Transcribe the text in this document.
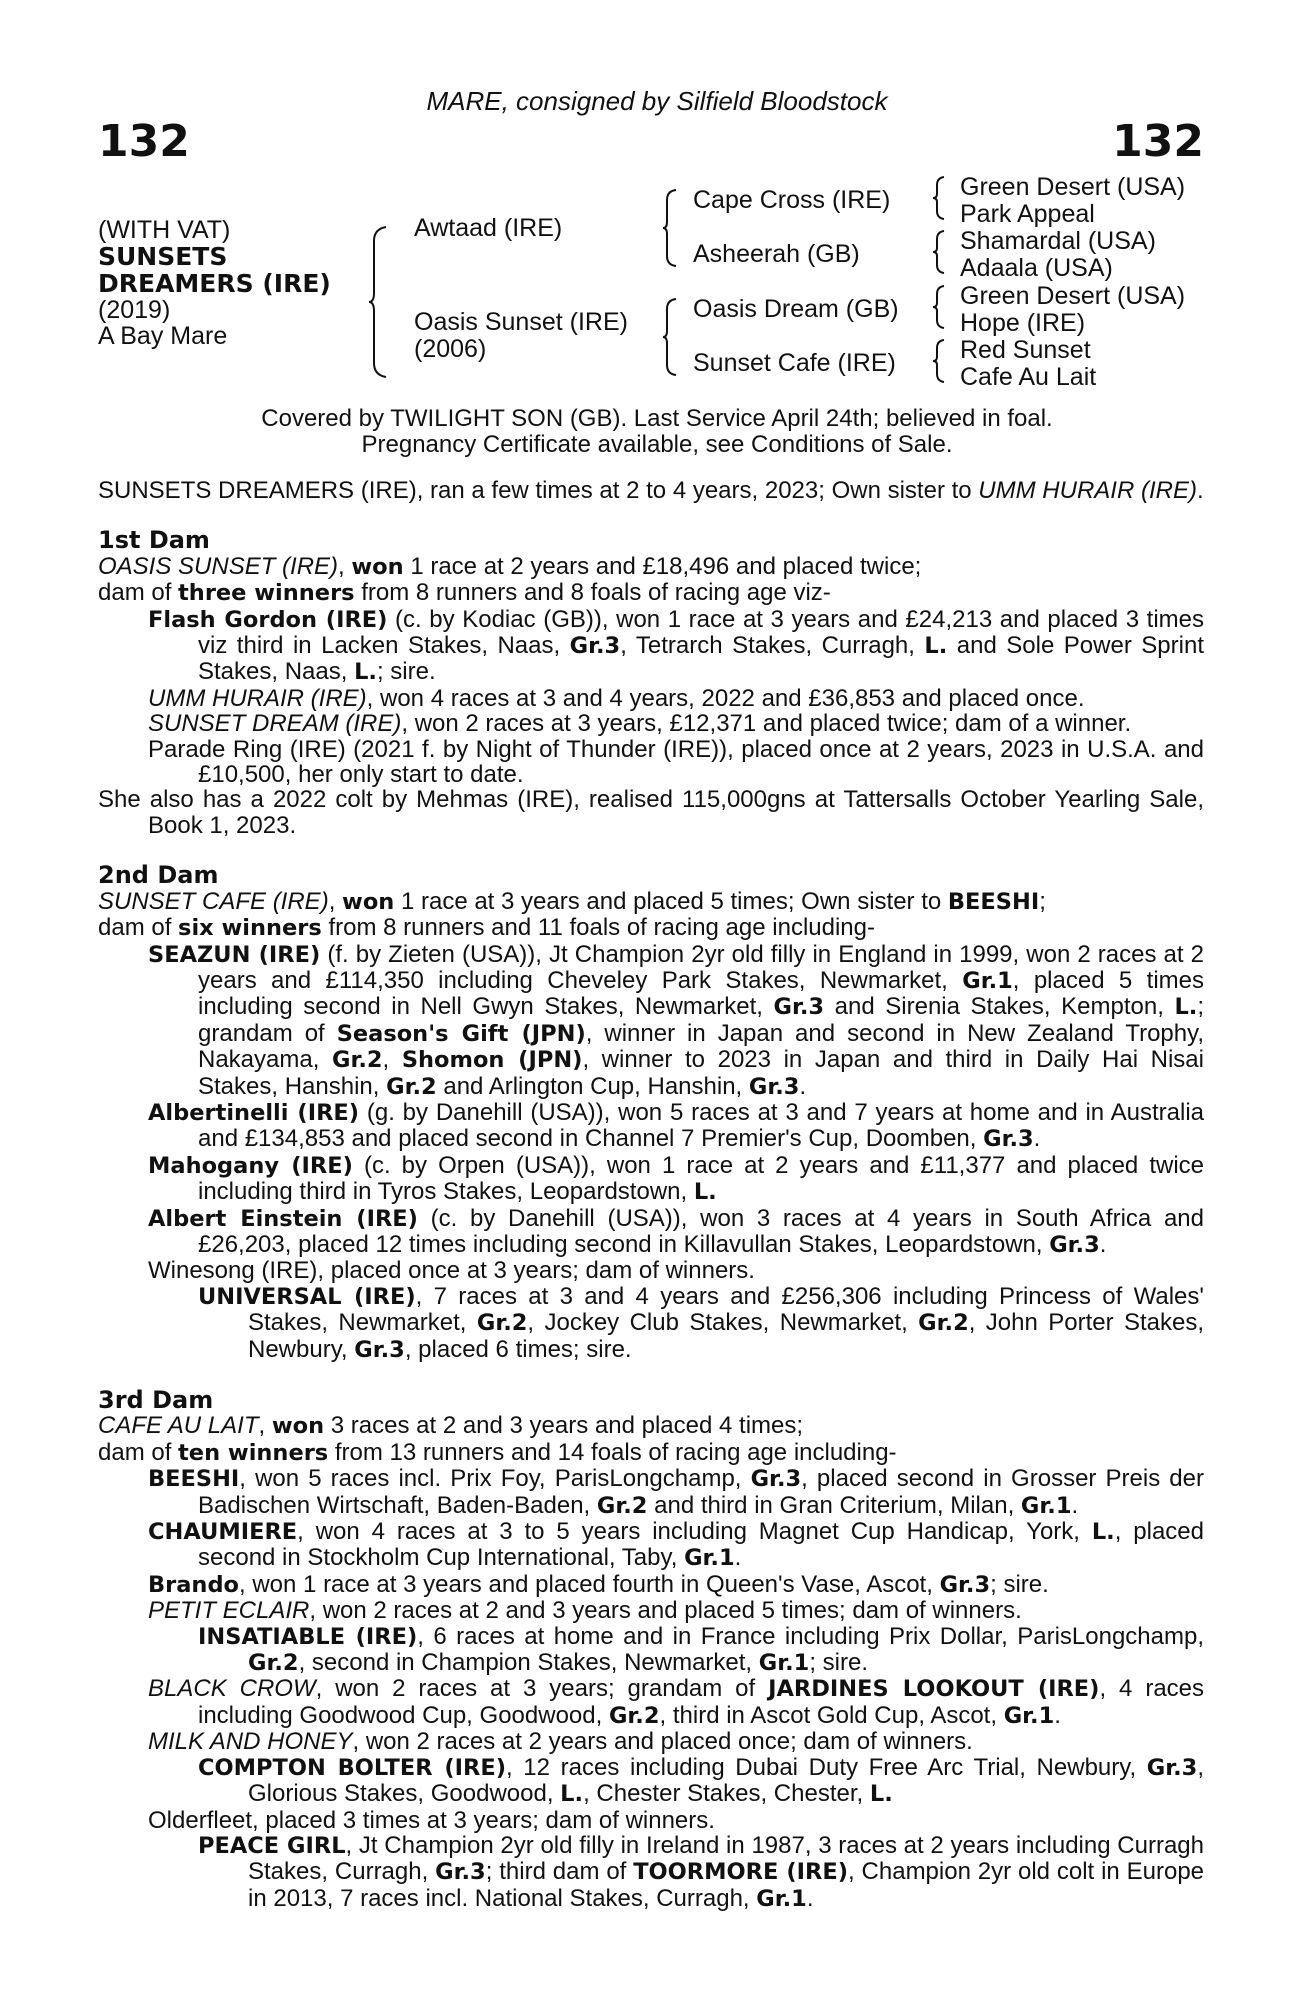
MARE, consigned by Silfield Bloodstock
132	132
(WITH VAT)
SUNSETS
DREAMERS (IRE)
(2019)
A Bay Mare
Awtaad (IRE)
Oasis Sunset (IRE)
(2006)
Cape Cross (IRE)
Asheerah (GB)
Oasis Dream (GB)
Sunset Cafe (IRE)
Green Desert (USA)
Park Appeal
Shamardal (USA)
Adaala (USA)
Green Desert (USA)
Hope (IRE)
Red Sunset
Cafe Au Lait
Covered by TWILIGHT SON (GB). Last Service April 24th; believed in foal.
Pregnancy Certificate available, see Conditions of Sale.

SUNSETS DREAMERS (IRE), ran a few times at 2 to 4 years, 2023; Own sister to UMM HURAIR (IRE).

1st Dam

OASIS SUNSET (IRE), won 1 race at 2 years and £18,496 and placed twice;

dam of three winners from 8 runners and 8 foals of racing age viz-

Flash Gordon (IRE) (c. by Kodiac (GB)), won 1 race at 3 years and £24,213 and placed 3 times viz third in Lacken Stakes, Naas, Gr.3, Tetrarch Stakes, Curragh, L. and Sole Power Sprint Stakes, Naas, L.; sire.

UMM HURAIR (IRE), won 4 races at 3 and 4 years, 2022 and £36,853 and placed once.

SUNSET DREAM (IRE), won 2 races at 3 years, £12,371 and placed twice; dam of a winner.

Parade Ring (IRE) (2021 f. by Night of Thunder (IRE)), placed once at 2 years, 2023 in U.S.A. and £10,500, her only start to date.

She also has a 2022 colt by Mehmas (IRE), realised 115,000gns at Tattersalls October Yearling Sale, Book 1, 2023.

2nd Dam

SUNSET CAFE (IRE), won 1 race at 3 years and placed 5 times; Own sister to BEESHI;

dam of six winners from 8 runners and 11 foals of racing age including-

SEAZUN (IRE) (f. by Zieten (USA)), Jt Champion 2yr old filly in England in 1999, won 2 races at 2 years and £114,350 including Cheveley Park Stakes, Newmarket, Gr.1, placed 5 times including second in Nell Gwyn Stakes, Newmarket, Gr.3 and Sirenia Stakes, Kempton, L.; grandam of Season's Gift (JPN), winner in Japan and second in New Zealand Trophy, Nakayama, Gr.2, Shomon (JPN), winner to 2023 in Japan and third in Daily Hai Nisai Stakes, Hanshin, Gr.2 and Arlington Cup, Hanshin, Gr.3.

Albertinelli (IRE) (g. by Danehill (USA)), won 5 races at 3 and 7 years at home and in Australia and £134,853 and placed second in Channel 7 Premier's Cup, Doomben, Gr.3.

Mahogany (IRE) (c. by Orpen (USA)), won 1 race at 2 years and £11,377 and placed twice including third in Tyros Stakes, Leopardstown, L.

Albert Einstein (IRE) (c. by Danehill (USA)), won 3 races at 4 years in South Africa and £26,203, placed 12 times including second in Killavullan Stakes, Leopardstown, Gr.3.

Winesong (IRE), placed once at 3 years; dam of winners.

UNIVERSAL (IRE), 7 races at 3 and 4 years and £256,306 including Princess of Wales' Stakes, Newmarket, Gr.2, Jockey Club Stakes, Newmarket, Gr.2, John Porter Stakes, Newbury, Gr.3, placed 6 times; sire.

3rd Dam

CAFE AU LAIT, won 3 races at 2 and 3 years and placed 4 times;

dam of ten winners from 13 runners and 14 foals of racing age including-

BEESHI, won 5 races incl. Prix Foy, ParisLongchamp, Gr.3, placed second in Grosser Preis der Badischen Wirtschaft, Baden-Baden, Gr.2 and third in Gran Criterium, Milan, Gr.1.

CHAUMIERE, won 4 races at 3 to 5 years including Magnet Cup Handicap, York, L., placed second in Stockholm Cup International, Taby, Gr.1.

Brando, won 1 race at 3 years and placed fourth in Queen's Vase, Ascot, Gr.3; sire.

PETIT ECLAIR, won 2 races at 2 and 3 years and placed 5 times; dam of winners.

INSATIABLE (IRE), 6 races at home and in France including Prix Dollar, ParisLongchamp, Gr.2, second in Champion Stakes, Newmarket, Gr.1; sire.

BLACK CROW, won 2 races at 3 years; grandam of JARDINES LOOKOUT (IRE), 4 races including Goodwood Cup, Goodwood, Gr.2, third in Ascot Gold Cup, Ascot, Gr.1.

MILK AND HONEY, won 2 races at 2 years and placed once; dam of winners.

COMPTON BOLTER (IRE), 12 races including Dubai Duty Free Arc Trial, Newbury, Gr.3, Glorious Stakes, Goodwood, L., Chester Stakes, Chester, L.

Olderfleet, placed 3 times at 3 years; dam of winners.

PEACE GIRL, Jt Champion 2yr old filly in Ireland in 1987, 3 races at 2 years including Curragh Stakes, Curragh, Gr.3; third dam of TOORMORE (IRE), Champion 2yr old colt in Europe in 2013, 7 races incl. National Stakes, Curragh, Gr.1.
